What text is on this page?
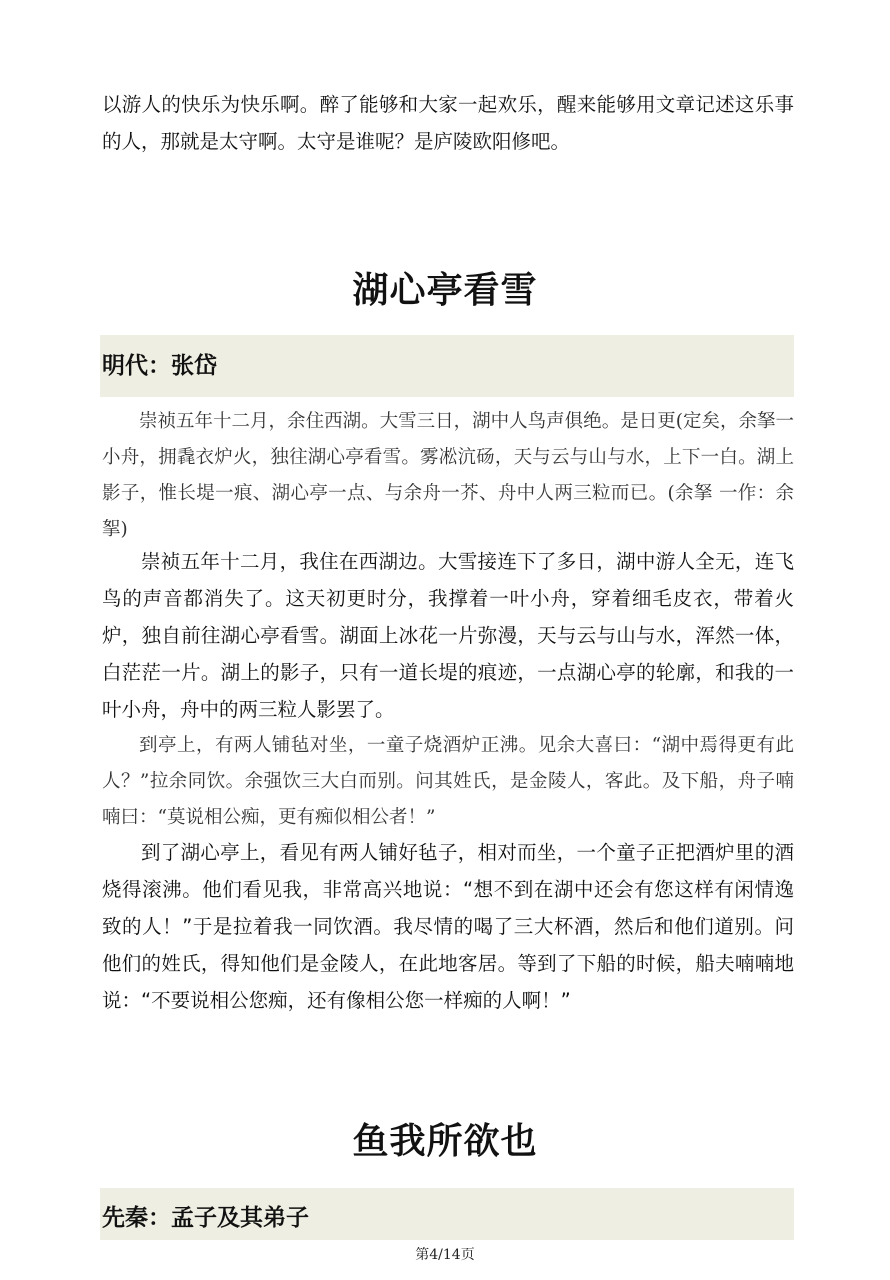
以游人的快乐为快乐啊。醉了能够和大家一起欢乐，醒来能够用文章记述这乐事的人，那就是太守啊。太守是谁呢？是庐陵欧阳修吧。

湖心亭看雪
明代：张岱

崇祯五年十二月，余住西湖。大雪三日，湖中人鸟声俱绝。是日更(定矣，余拏一小舟，拥毳衣炉火，独往湖心亭看雪。雾凇沆砀，天与云与山与水，上下一白。湖上影子，惟长堤一痕、湖心亭一点、与余舟一芥、舟中人两三粒而已。(余拏 一作：余挐)

崇祯五年十二月，我住在西湖边。大雪接连下了多日，湖中游人全无，连飞鸟的声音都消失了。这天初更时分，我撑着一叶小舟，穿着细毛皮衣，带着火炉，独自前往湖心亭看雪。湖面上冰花一片弥漫，天与云与山与水，浑然一体，白茫茫一片。湖上的影子，只有一道长堤的痕迹，一点湖心亭的轮廓，和我的一叶小舟，舟中的两三粒人影罢了。

到亭上，有两人铺毡对坐，一童子烧酒炉正沸。见余大喜曰：“湖中焉得更有此人？”拉余同饮。余强饮三大白而别。问其姓氏，是金陵人，客此。及下船，舟子喃喃曰：“莫说相公痴，更有痴似相公者！”

到了湖心亭上，看见有两人铺好毡子，相对而坐，一个童子正把酒炉里的酒烧得滚沸。他们看见我，非常高兴地说：“想不到在湖中还会有您这样有闲情逸致的人！”于是拉着我一同饮酒。我尽情的喝了三大杯酒，然后和他们道别。问他们的姓氏，得知他们是金陵人，在此地客居。等到了下船的时候，船夫喃喃地说：“不要说相公您痴，还有像相公您一样痴的人啊！”

鱼我所欲也
先秦：孟子及其弟子
第4/14页
